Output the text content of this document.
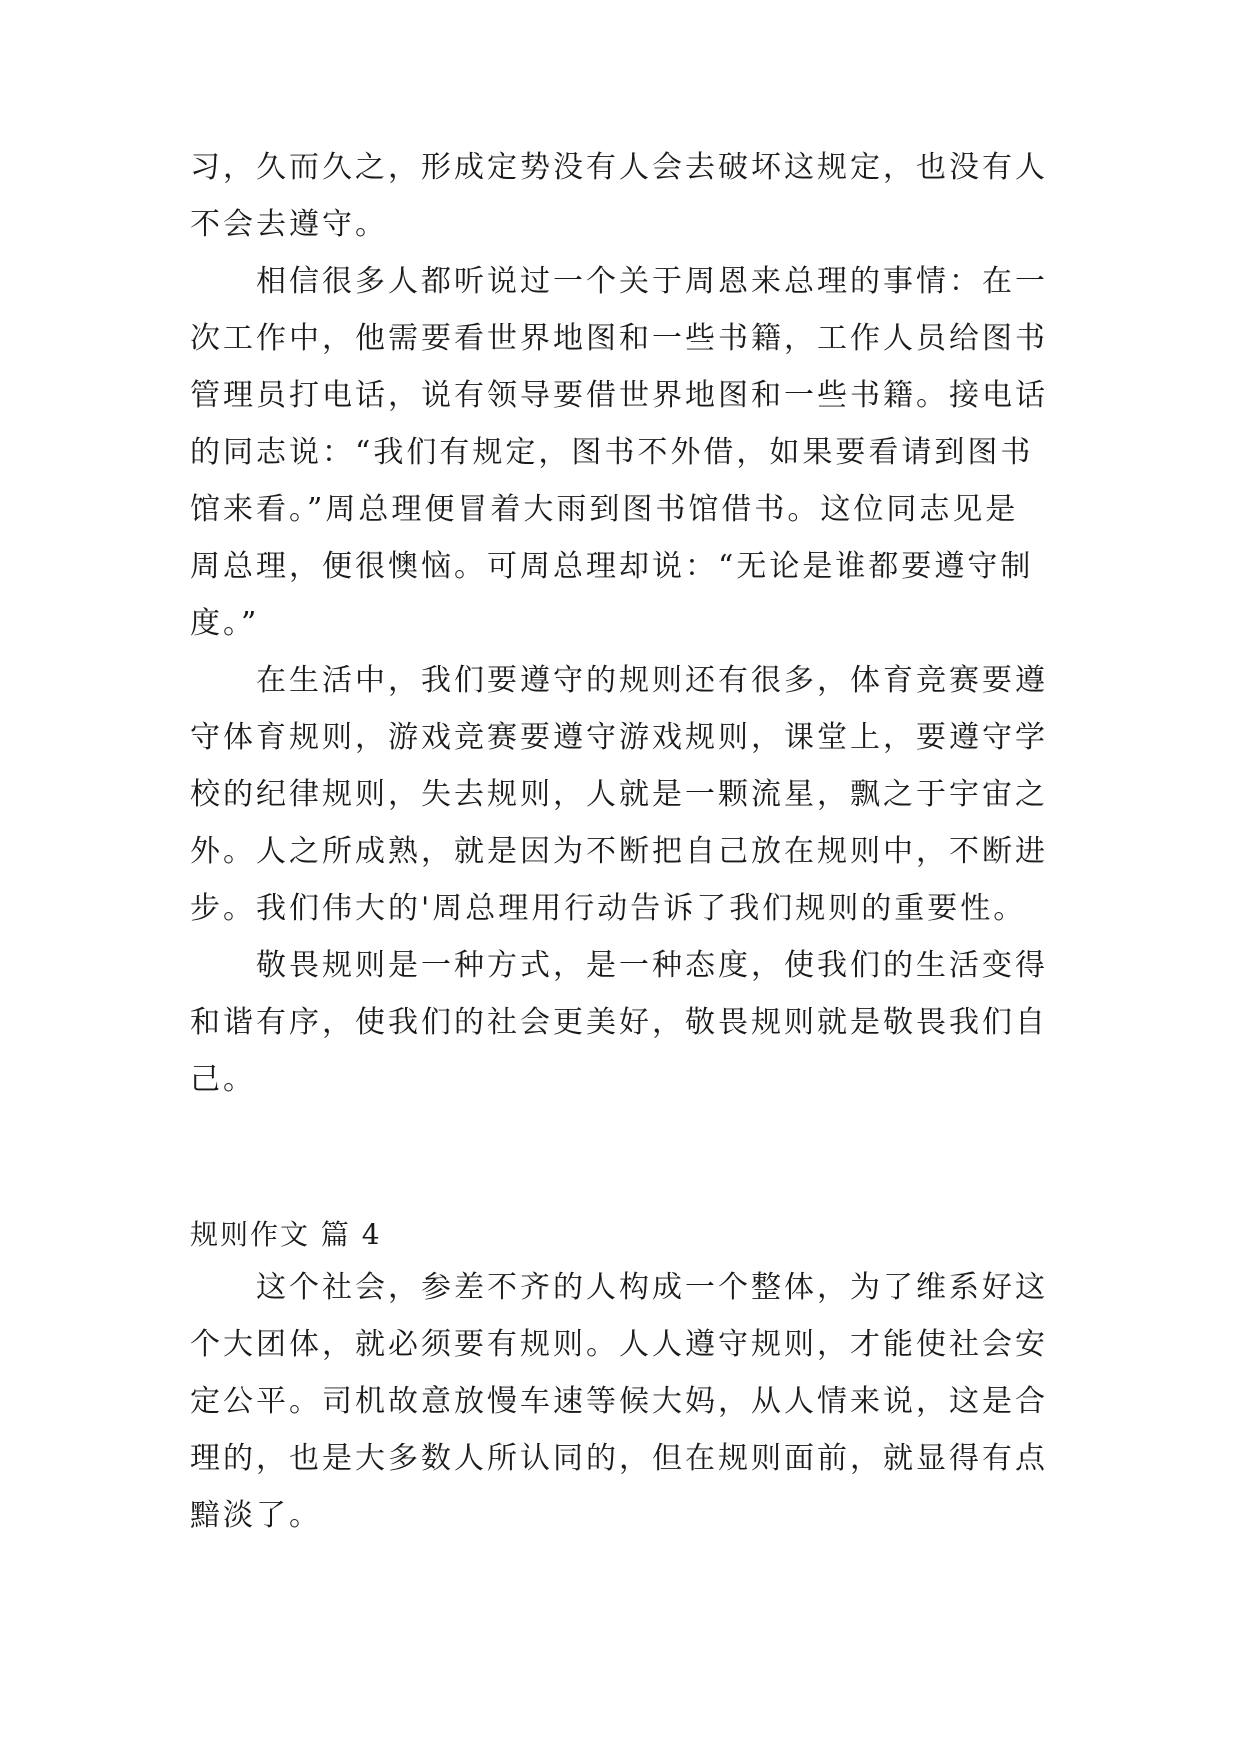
习，久而久之，形成定势没有人会去破坏这规定，也没有人
不会去遵守。
　　相信很多人都听说过一个关于周恩来总理的事情：在一
次工作中，他需要看世界地图和一些书籍，工作人员给图书
管理员打电话，说有领导要借世界地图和一些书籍。接电话
的同志说：“我们有规定，图书不外借，如果要看请到图书
馆来看。”周总理便冒着大雨到图书馆借书。这位同志见是
周总理，便很懊恼。可周总理却说：“无论是谁都要遵守制
度。”
　　在生活中，我们要遵守的规则还有很多，体育竞赛要遵
守体育规则，游戏竞赛要遵守游戏规则，课堂上，要遵守学
校的纪律规则，失去规则，人就是一颗流星，飘之于宇宙之
外。人之所成熟，就是因为不断把自己放在规则中，不断进
步。我们伟大的'周总理用行动告诉了我们规则的重要性。
　　敬畏规则是一种方式，是一种态度，使我们的生活变得
和谐有序，使我们的社会更美好，敬畏规则就是敬畏我们自
己。
规则作文 篇 4
　　这个社会，参差不齐的人构成一个整体，为了维系好这
个大团体，就必须要有规则。人人遵守规则，才能使社会安
定公平。司机故意放慢车速等候大妈，从人情来说，这是合
理的，也是大多数人所认同的，但在规则面前，就显得有点
黯淡了。
